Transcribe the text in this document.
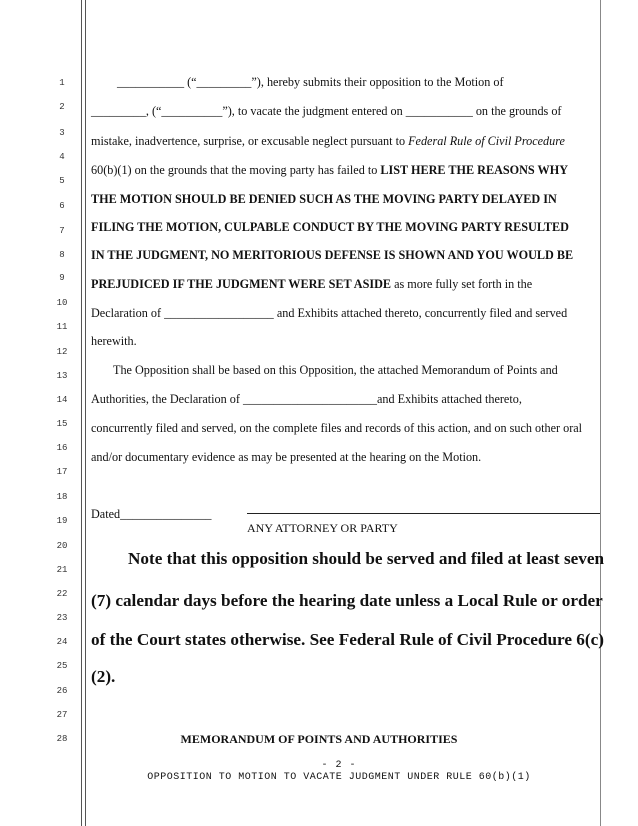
1
2
3
4
5
6
7
8
9
10
11
12
13
14
15
16
17
18
19
20
21
22
23
24
25
26
27
28
___________ (“_________”), hereby submits their opposition to the Motion of
_________, (“__________”), to vacate the judgment entered on ___________ on the grounds of
mistake, inadvertence, surprise, or excusable neglect pursuant to Federal Rule of Civil Procedure
60(b)(1) on the grounds that the moving party has failed to LIST HERE THE REASONS WHY
THE MOTION SHOULD BE DENIED SUCH AS THE MOVING PARTY DELAYED IN
FILING THE MOTION, CULPABLE CONDUCT BY THE MOVING PARTY RESULTED
IN THE JUDGMENT, NO MERITORIOUS DEFENSE IS SHOWN AND YOU WOULD BE
PREJUDICED IF THE JUDGMENT WERE SET ASIDE as more fully set forth in the
Declaration of __________________ and Exhibits attached thereto, concurrently filed and served
herewith.
The Opposition shall be based on this Opposition, the attached Memorandum of Points and
Authorities, the Declaration of ______________________and Exhibits attached thereto,
concurrently filed and served, on the complete files and records of this action, and on such other oral
and/or documentary evidence as may be presented at the hearing on the Motion.
Dated_______________
ANY ATTORNEY OR PARTY
Note that this opposition should be served and filed at least seven
(7) calendar days before the hearing date unless a Local Rule or order
of the Court states otherwise. See Federal Rule of Civil Procedure 6(c)
(2).
MEMORANDUM OF POINTS AND AUTHORITIES
- 2 -
OPPOSITION TO MOTION TO VACATE JUDGMENT UNDER RULE 60(b)(1)
